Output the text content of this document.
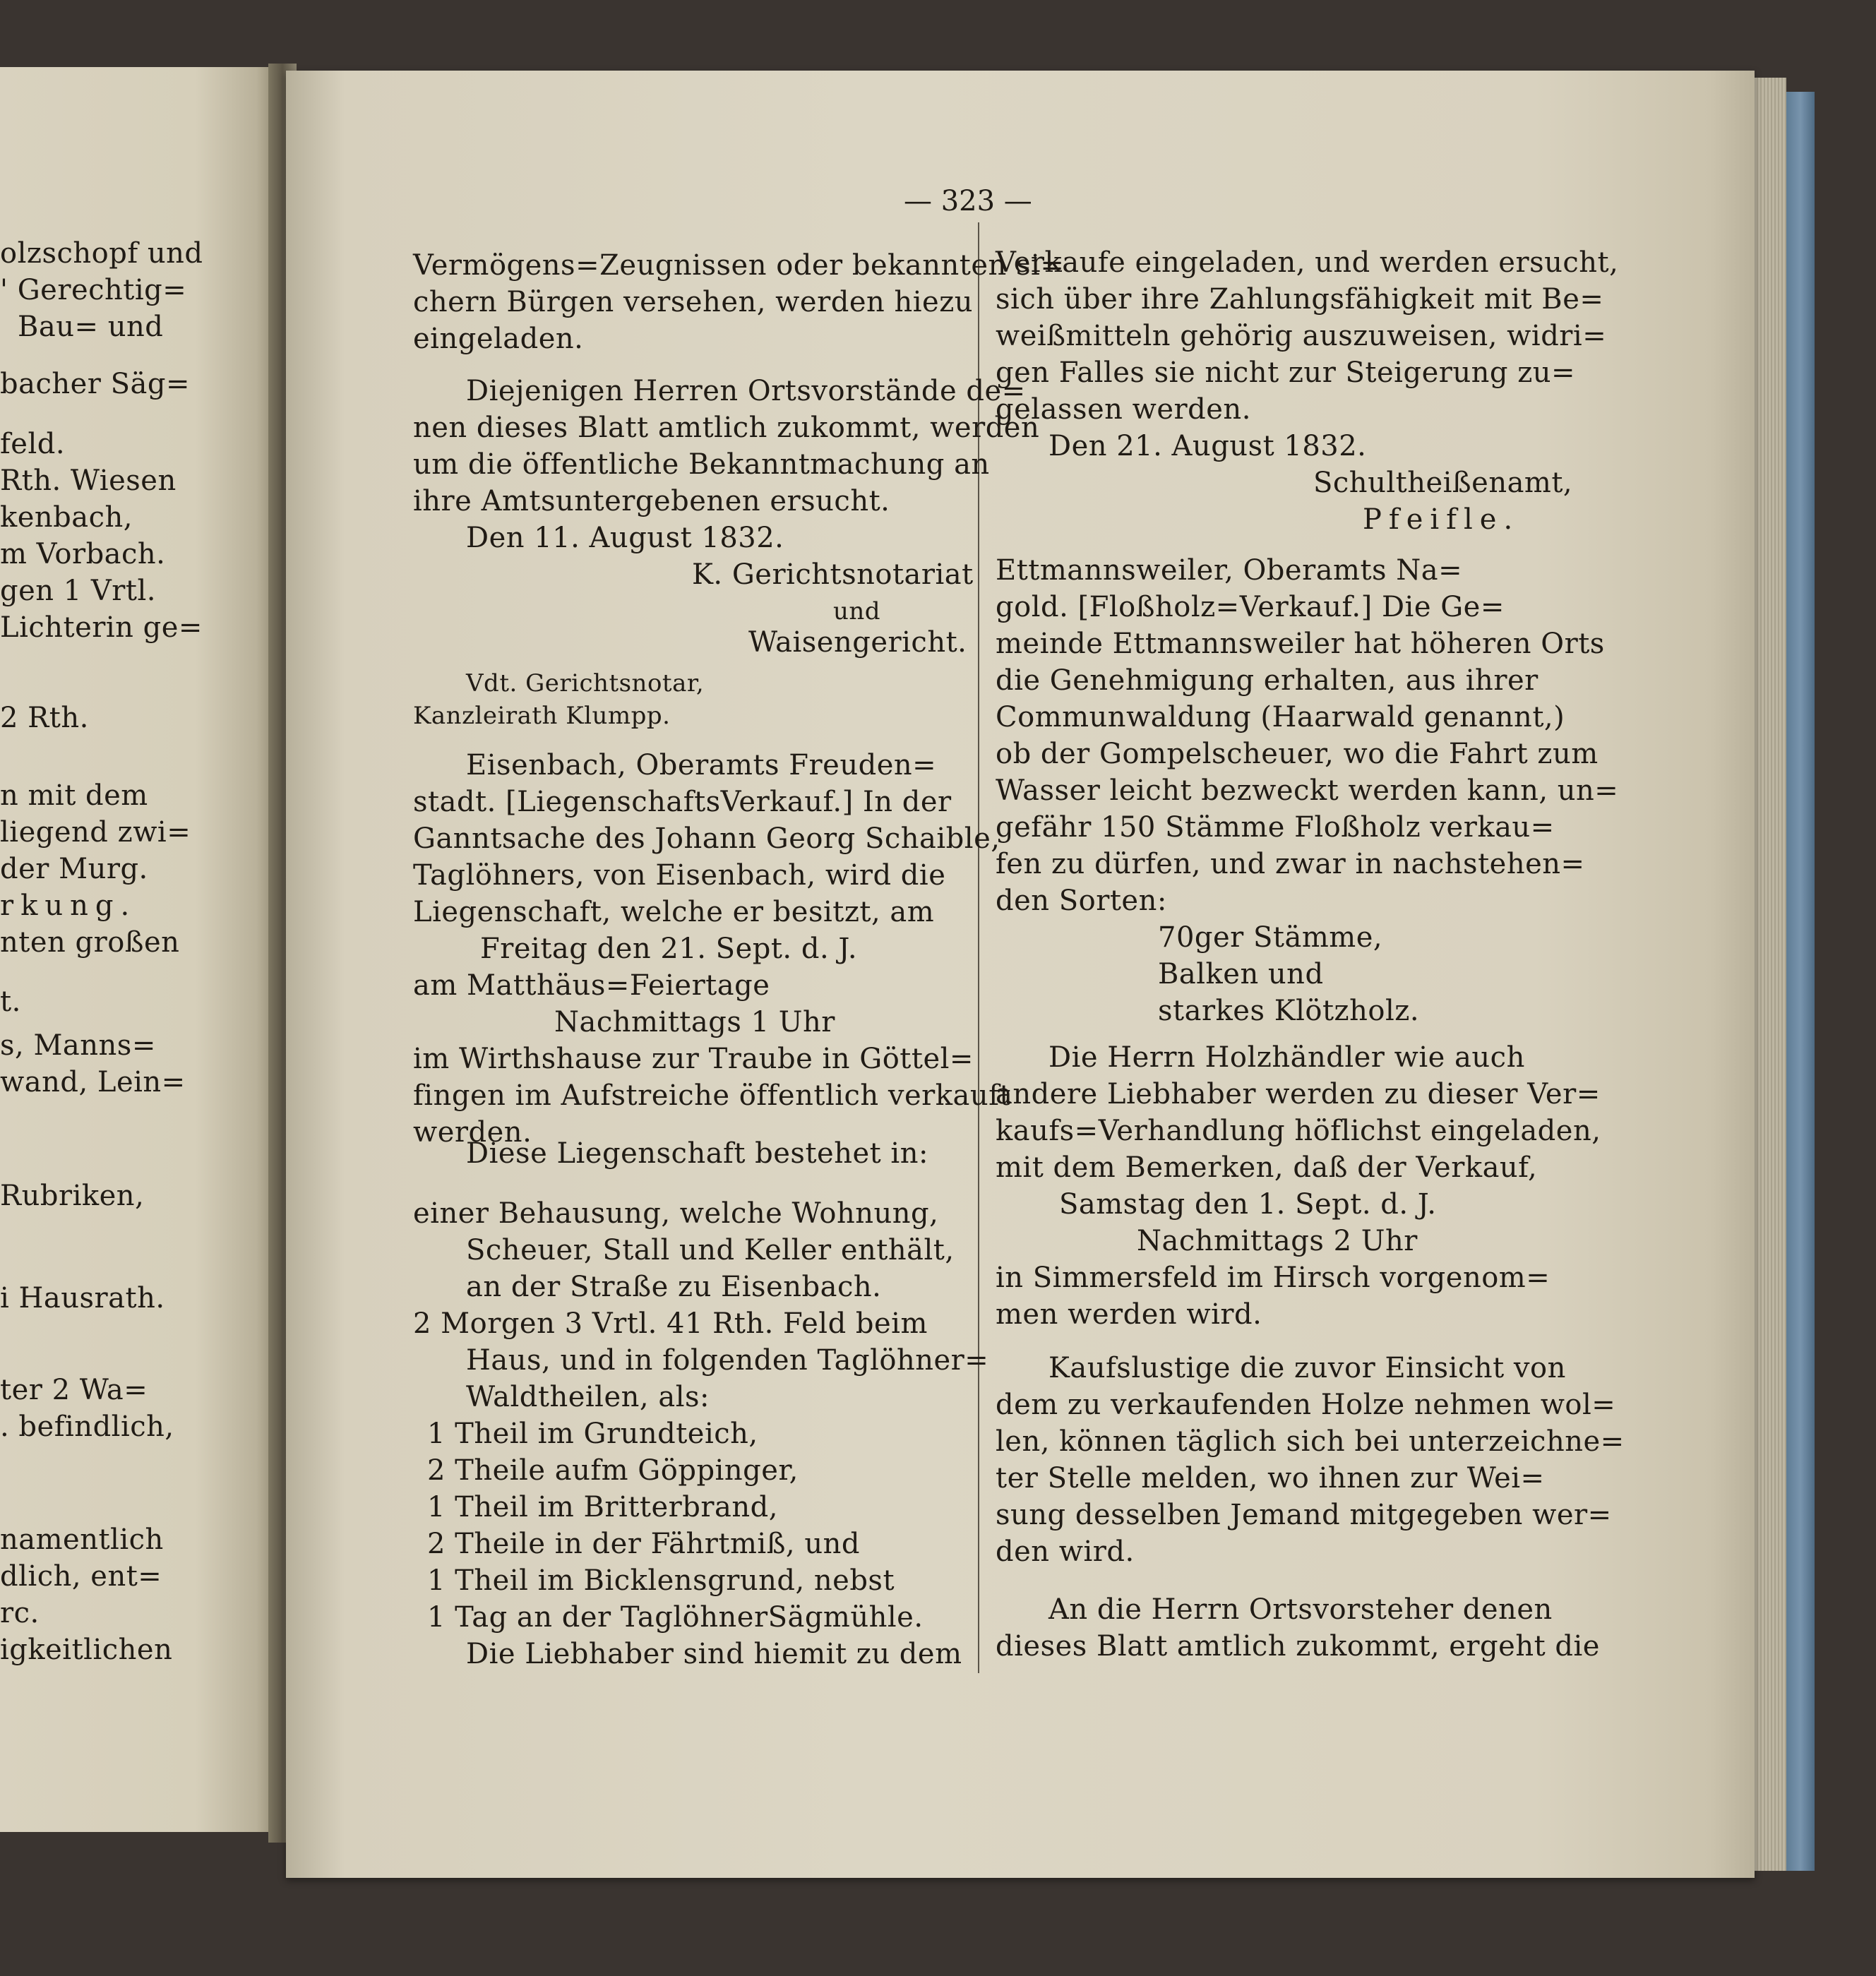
olzschopf und
' Gerechtig=
Bau= und
bacher Säg=
feld.
Rth. Wiesen
kenbach,
m Vorbach.
gen 1 Vrtl.
Lichterin ge=
2 Rth.
n mit dem
liegend zwi=
der Murg.
rkung.
nten großen
t.
s, Manns=
wand, Lein=
Rubriken,
i Hausrath.
ter 2 Wa=
. befindlich,
namentlich
dlich, ent=
rc.
igkeitlichen
— 323 —
Vermögens=Zeugnissen oder bekannten si=
chern Bürgen versehen, werden hiezu
eingeladen.
Diejenigen Herren Ortsvorstände de=
nen dieses Blatt amtlich zukommt, werden
um die öffentliche Bekanntmachung an
ihre Amtsuntergebenen ersucht.
Den 11. August 1832.
K. Gerichtsnotariat
und
Waisengericht.
Vdt. Gerichtsnotar,
Kanzleirath Klumpp.
Eisenbach, Oberamts Freuden=
stadt. [LiegenschaftsVerkauf.] In der
Ganntsache des Johann Georg Schaible,
Taglöhners, von Eisenbach, wird die
Liegenschaft, welche er besitzt, am
Freitag den 21. Sept. d. J.
am Matthäus=Feiertage
Nachmittags 1 Uhr
im Wirthshause zur Traube in Göttel=
fingen im Aufstreiche öffentlich verkauft
werden.
Diese Liegenschaft bestehet in:
einer Behausung, welche Wohnung,
Scheuer, Stall und Keller enthält,
an der Straße zu Eisenbach.
2 Morgen 3 Vrtl. 41 Rth. Feld beim
Haus, und in folgenden Taglöhner=
Waldtheilen, als:
1 Theil im Grundteich,
2 Theile aufm Göppinger,
1 Theil im Britterbrand,
2 Theile in der Fährtmiß, und
1 Theil im Bicklensgrund, nebst
1 Tag an der TaglöhnerSägmühle.
Die Liebhaber sind hiemit zu dem
Verkaufe eingeladen, und werden ersucht,
sich über ihre Zahlungsfähigkeit mit Be=
weißmitteln gehörig auszuweisen, widri=
gen Falles sie nicht zur Steigerung zu=
gelassen werden.
Den 21. August 1832.
Schultheißenamt,
Pfeifle.
Ettmannsweiler, Oberamts Na=
gold. [Floßholz=Verkauf.] Die Ge=
meinde Ettmannsweiler hat höheren Orts
die Genehmigung erhalten, aus ihrer
Communwaldung (Haarwald genannt,)
ob der Gompelscheuer, wo die Fahrt zum
Wasser leicht bezweckt werden kann, un=
gefähr 150 Stämme Floßholz verkau=
fen zu dürfen, und zwar in nachstehen=
den Sorten:
70ger Stämme,
Balken und
starkes Klötzholz.
Die Herrn Holzhändler wie auch
andere Liebhaber werden zu dieser Ver=
kaufs=Verhandlung höflichst eingeladen,
mit dem Bemerken, daß der Verkauf,
Samstag den 1. Sept. d. J.
Nachmittags 2 Uhr
in Simmersfeld im Hirsch vorgenom=
men werden wird.
Kaufslustige die zuvor Einsicht von
dem zu verkaufenden Holze nehmen wol=
len, können täglich sich bei unterzeichne=
ter Stelle melden, wo ihnen zur Wei=
sung desselben Jemand mitgegeben wer=
den wird.
An die Herrn Ortsvorsteher denen
dieses Blatt amtlich zukommt, ergeht die
